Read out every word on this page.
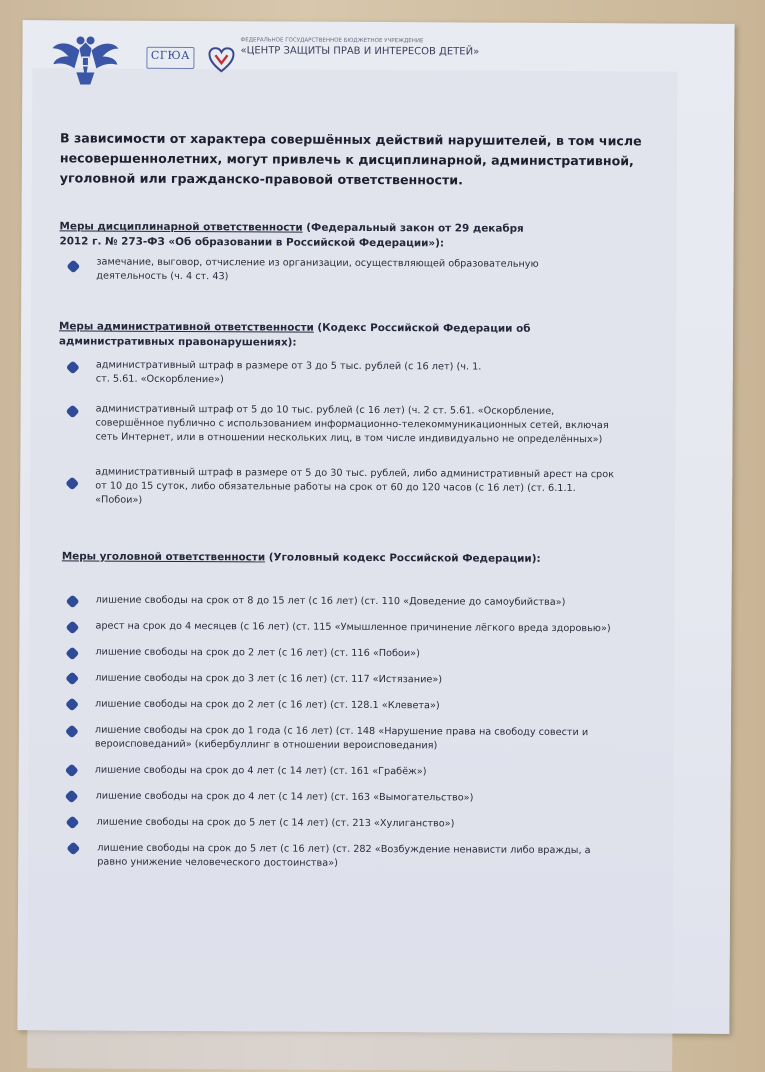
СГЮА
ФЕДЕРАЛЬНОЕ ГОСУДАРСТВЕННОЕ БЮДЖЕТНОЕ УЧРЕЖДЕНИЕ
«ЦЕНТР ЗАЩИТЫ ПРАВ И ИНТЕРЕСОВ ДЕТЕЙ»
В зависимости от характера совершённых действий нарушителей, в том числе несовершеннолетних, могут привлечь к дисциплинарной, административной, уголовной или гражданско-правовой ответственности.
Меры дисциплинарной ответственности (Федеральный закон от 29 декабря 2012 г. № 273-ФЗ «Об образовании в Российской Федерации»):
замечание, выговор, отчисление из организации, осуществляющей образовательную деятельность (ч. 4 ст. 43)
Меры административной ответственности (Кодекс Российской Федерации об административных правонарушениях):
административный штраф в размере от 3 до 5 тыс. рублей (с 16 лет) (ч. 1. ст. 5.61. «Оскорбление»)
административный штраф от 5 до 10 тыс. рублей (с 16 лет) (ч. 2 ст. 5.61. «Оскорбление, совершённое публично с использованием информационно-телекоммуникационных сетей, включая сеть Интернет, или в отношении нескольких лиц, в том числе индивидуально не определённых»)
административный штраф в размере от 5 до 30 тыс. рублей, либо административный арест на срок от 10 до 15 суток, либо обязательные работы на срок от 60 до 120 часов (с 16 лет) (ст. 6.1.1. «Побои»)
Меры уголовной ответственности (Уголовный кодекс Российской Федерации):
лишение свободы на срок от 8 до 15 лет (с 16 лет) (ст. 110 «Доведение до самоубийства»)
арест на срок до 4 месяцев (с 16 лет) (ст. 115 «Умышленное причинение лёгкого вреда здоровью»)
лишение свободы на срок до 2 лет (с 16 лет) (ст. 116 «Побои»)
лишение свободы на срок до 3 лет (с 16 лет) (ст. 117 «Истязание»)
лишение свободы на срок до 2 лет (с 16 лет) (ст. 128.1 «Клевета»)
лишение свободы на срок до 1 года (с 16 лет) (ст. 148 «Нарушение права на свободу совести и вероисповеданий» (кибербуллинг в отношении вероисповедания)
лишение свободы на срок до 4 лет (с 14 лет) (ст. 161 «Грабёж»)
лишение свободы на срок до 4 лет (с 14 лет) (ст. 163 «Вымогательство»)
лишение свободы на срок до 5 лет (с 14 лет) (ст. 213 «Хулиганство»)
лишение свободы на срок до 5 лет (с 16 лет) (ст. 282 «Возбуждение ненависти либо вражды, а равно унижение человеческого достоинства»)
